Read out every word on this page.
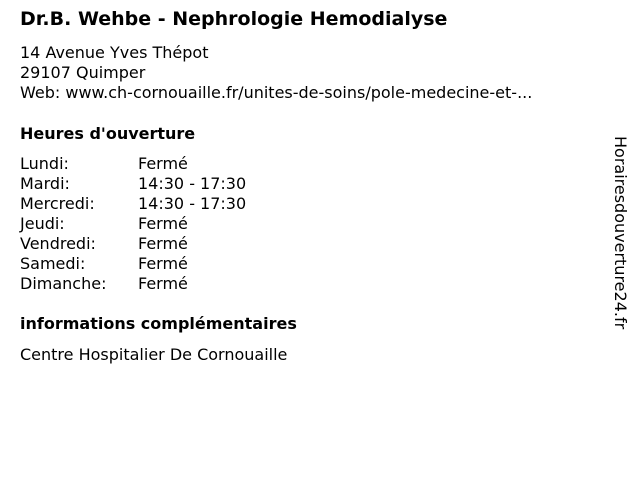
Dr.B. Wehbe - Nephrologie Hemodialyse
14 Avenue Yves Thépot
29107 Quimper
Web: www.ch-cornouaille.fr/unites-de-soins/pole-medecine-et-...
Heures d'ouverture
Lundi:	Fermé
Mardi:	14:30 - 17:30
Mercredi:	14:30 - 17:30
Jeudi:	Fermé
Vendredi:	Fermé
Samedi:	Fermé
Dimanche:	Fermé
informations complémentaires
Centre Hospitalier De Cornouaille
Horairesdouverture24.fr
